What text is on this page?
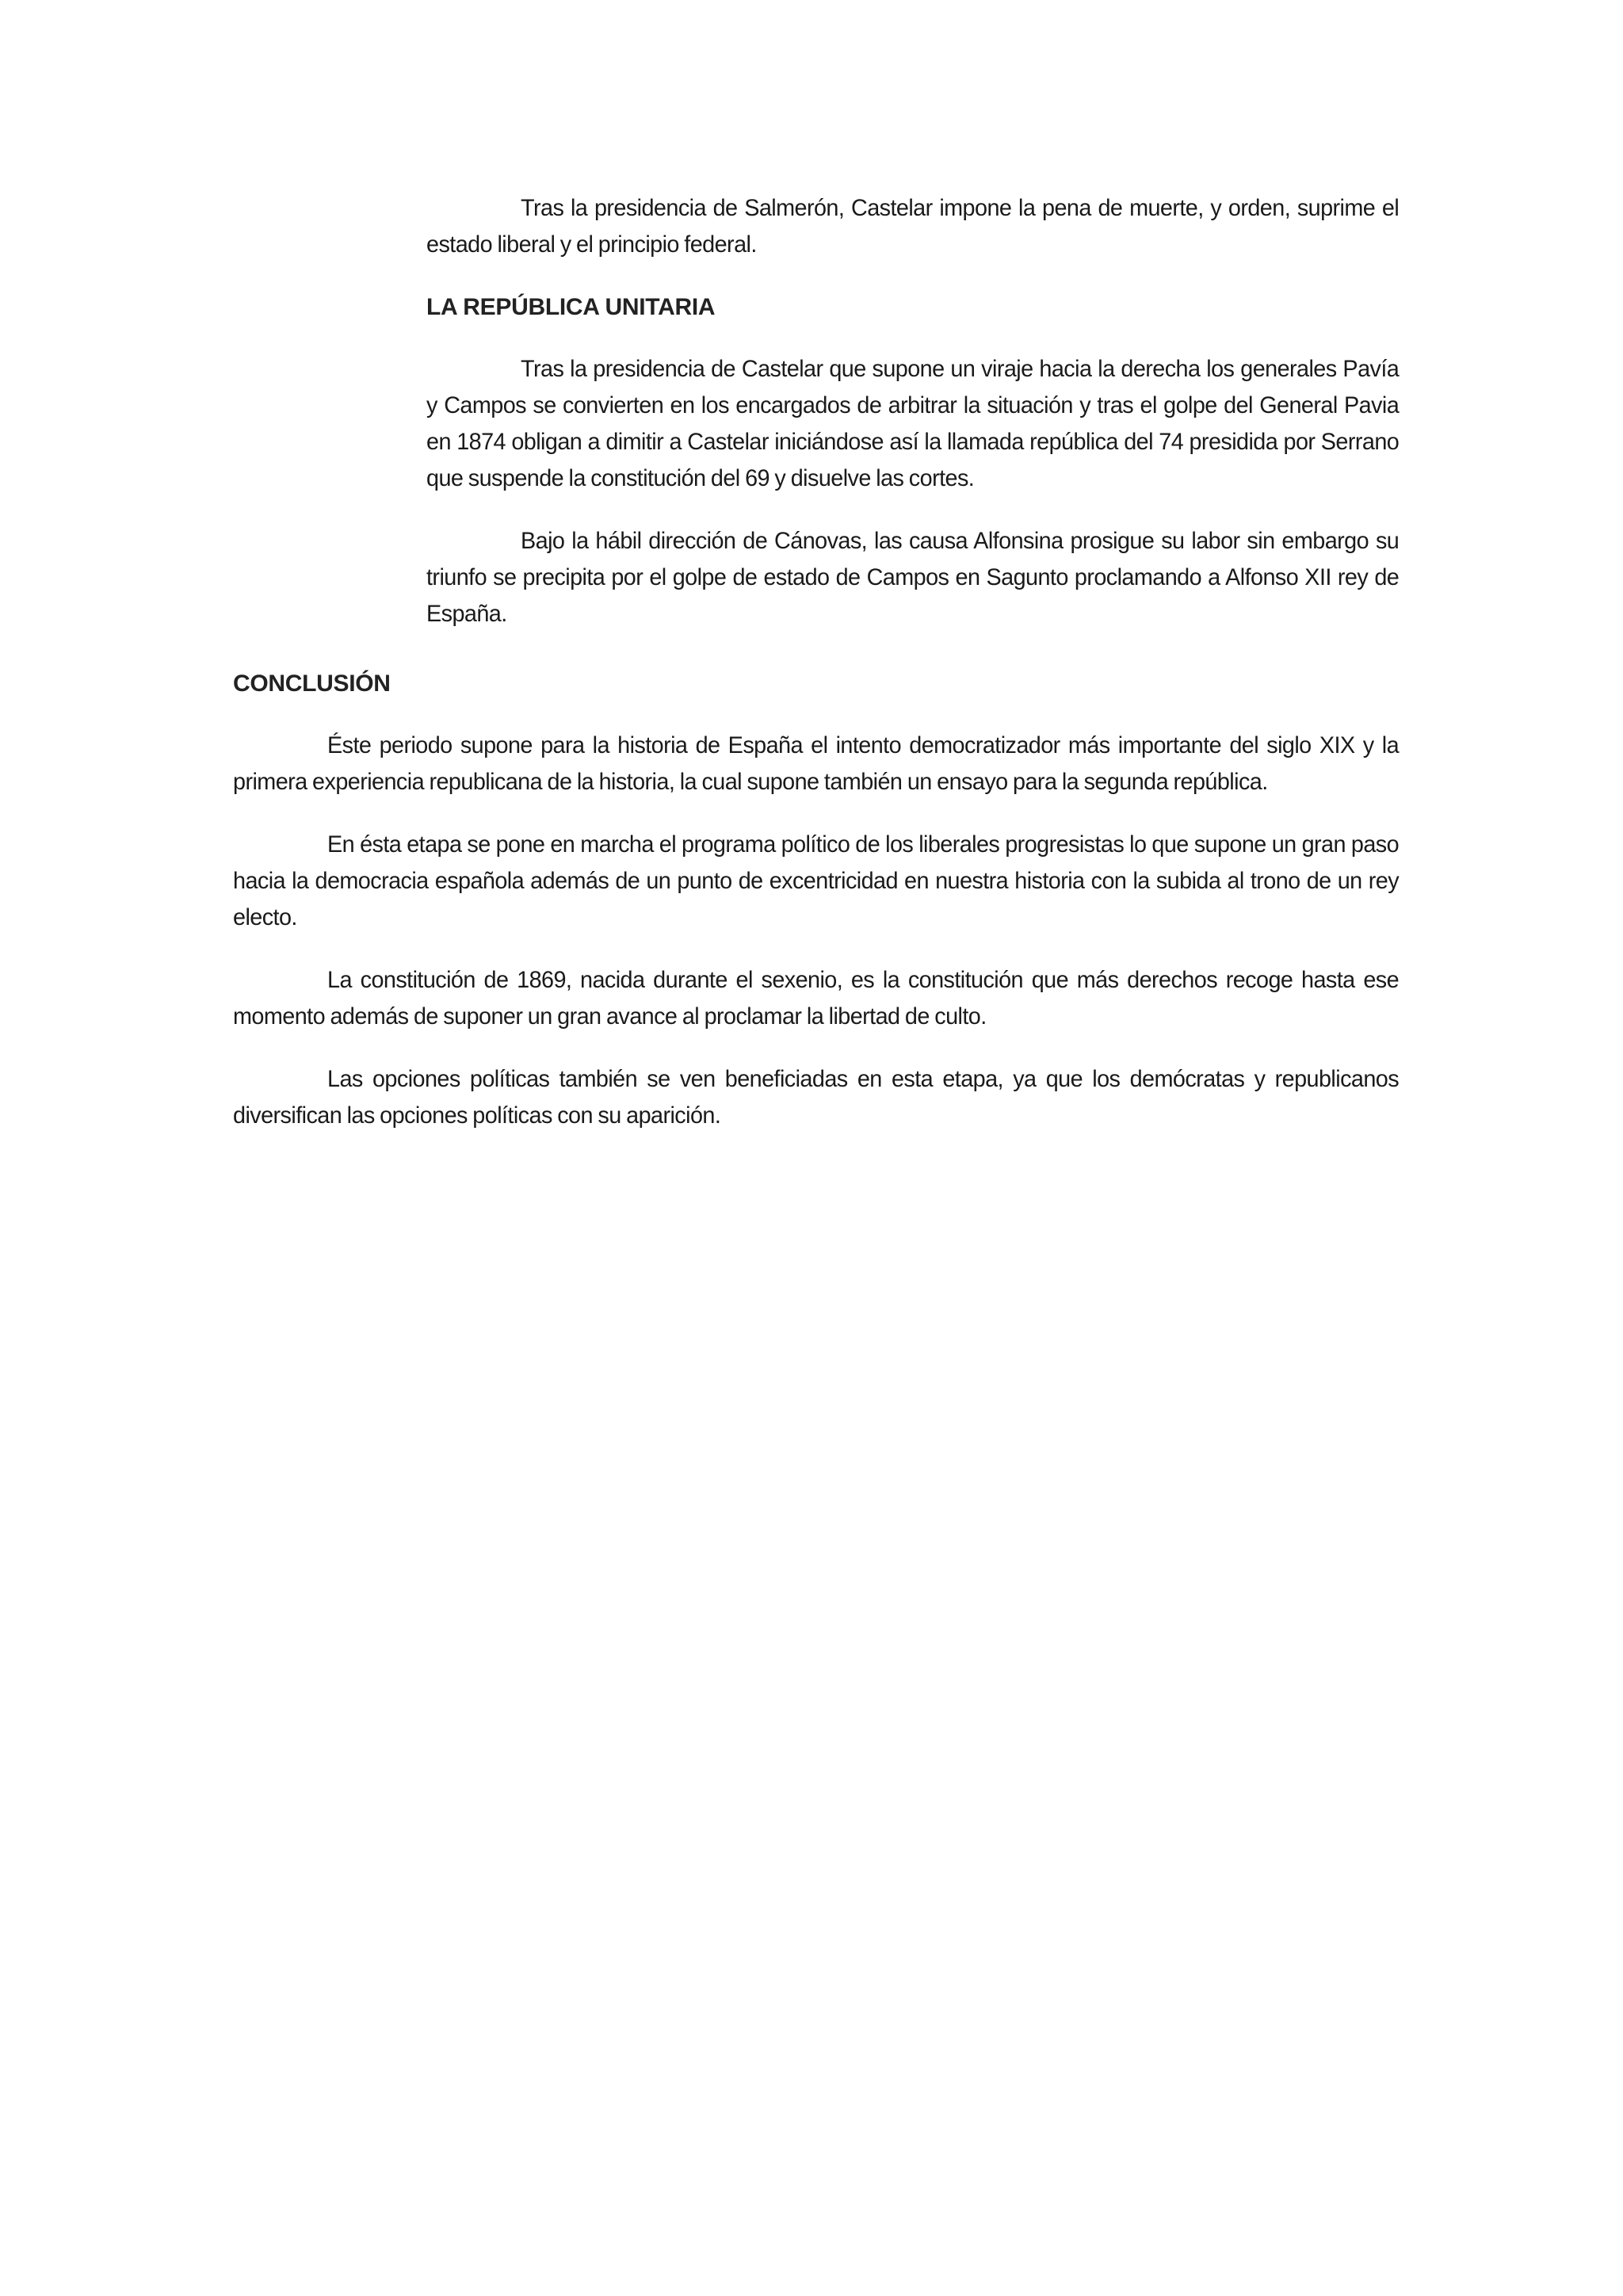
Tras la presidencia de Salmerón, Castelar impone la pena de muerte, y orden, suprime el estado liberal y el principio federal.

LA REPÚBLICA UNITARIA

Tras la presidencia de Castelar que supone un viraje hacia la derecha los generales Pavía y Campos se convierten en los encargados de arbitrar la situación y tras el golpe del General Pavia en 1874 obligan a dimitir a Castelar iniciándose así la llamada república del 74 presidida por Serrano que suspende la constitución del 69 y disuelve las cortes.

Bajo la hábil dirección de Cánovas, las causa Alfonsina prosigue su labor sin embargo su triunfo se precipita por el golpe de estado de Campos en Sagunto proclamando a Alfonso XII rey de España.

CONCLUSIÓN

Éste periodo supone para la historia de España el intento democratizador más importante del siglo XIX y la primera experiencia republicana de la historia, la cual supone también un ensayo para la segunda república.

En ésta etapa se pone en marcha el programa político de los liberales progresistas lo que supone un gran paso hacia la democracia española además de un punto de excentricidad en nuestra historia con la subida al trono de un rey electo.

La constitución de 1869, nacida durante el sexenio, es la constitución que más derechos recoge hasta ese momento además de suponer un gran avance al proclamar la libertad de culto.

Las opciones políticas también se ven beneficiadas en esta etapa, ya que los demócratas y republicanos diversifican las opciones políticas con su aparición.
